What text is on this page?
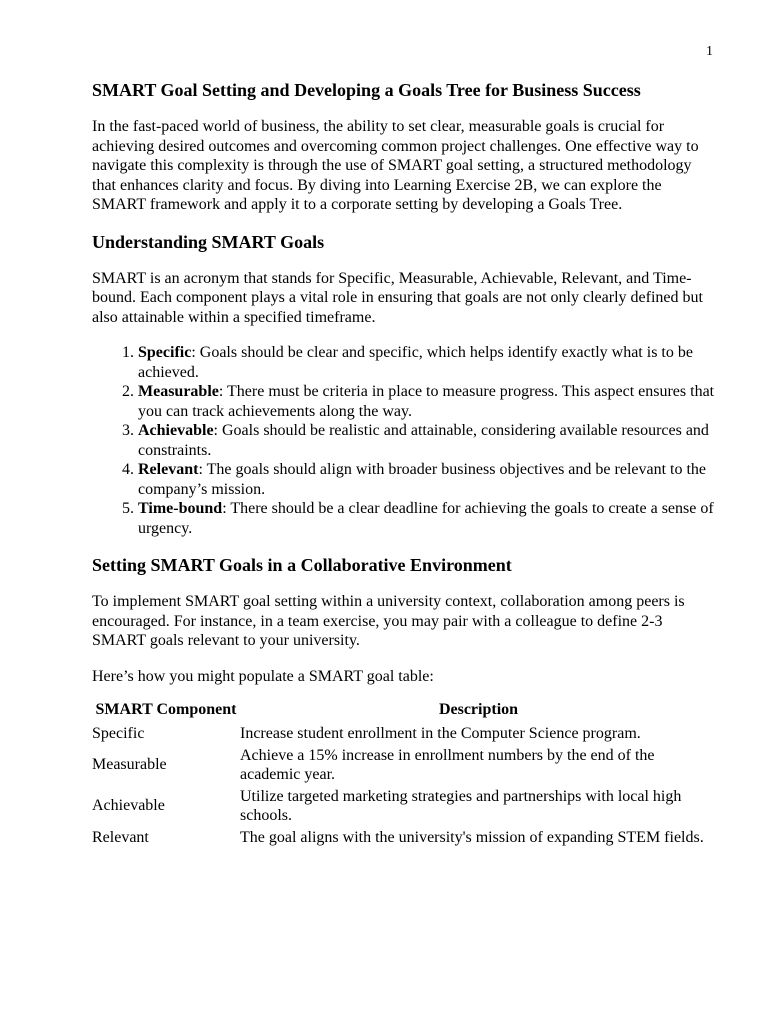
1
SMART Goal Setting and Developing a Goals Tree for Business Success

In the fast-paced world of business, the ability to set clear, measurable goals is crucial for achieving desired outcomes and overcoming common project challenges. One effective way to navigate this complexity is through the use of SMART goal setting, a structured methodology that enhances clarity and focus. By diving into Learning Exercise 2B, we can explore the SMART framework and apply it to a corporate setting by developing a Goals Tree.

Understanding SMART Goals

SMART is an acronym that stands for Specific, Measurable, Achievable, Relevant, and Time-bound. Each component plays a vital role in ensuring that goals are not only clearly defined but also attainable within a specified timeframe.

1. Specific: Goals should be clear and specific, which helps identify exactly what is to be achieved.
2. Measurable: There must be criteria in place to measure progress. This aspect ensures that you can track achievements along the way.
3. Achievable: Goals should be realistic and attainable, considering available resources and constraints.
4. Relevant: The goals should align with broader business objectives and be relevant to the company’s mission.
5. Time-bound: There should be a clear deadline for achieving the goals to create a sense of urgency.
Setting SMART Goals in a Collaborative Environment

To implement SMART goal setting within a university context, collaboration among peers is encouraged. For instance, in a team exercise, you may pair with a colleague to define 2-3 SMART goals relevant to your university.

Here’s how you might populate a SMART goal table:

SMART Component	Description
Specific	Increase student enrollment in the Computer Science program.
Measurable	Achieve a 15% increase in enrollment numbers by the end of the academic year.
Achievable	Utilize targeted marketing strategies and partnerships with local high schools.
Relevant	The goal aligns with the university's mission of expanding STEM fields.
